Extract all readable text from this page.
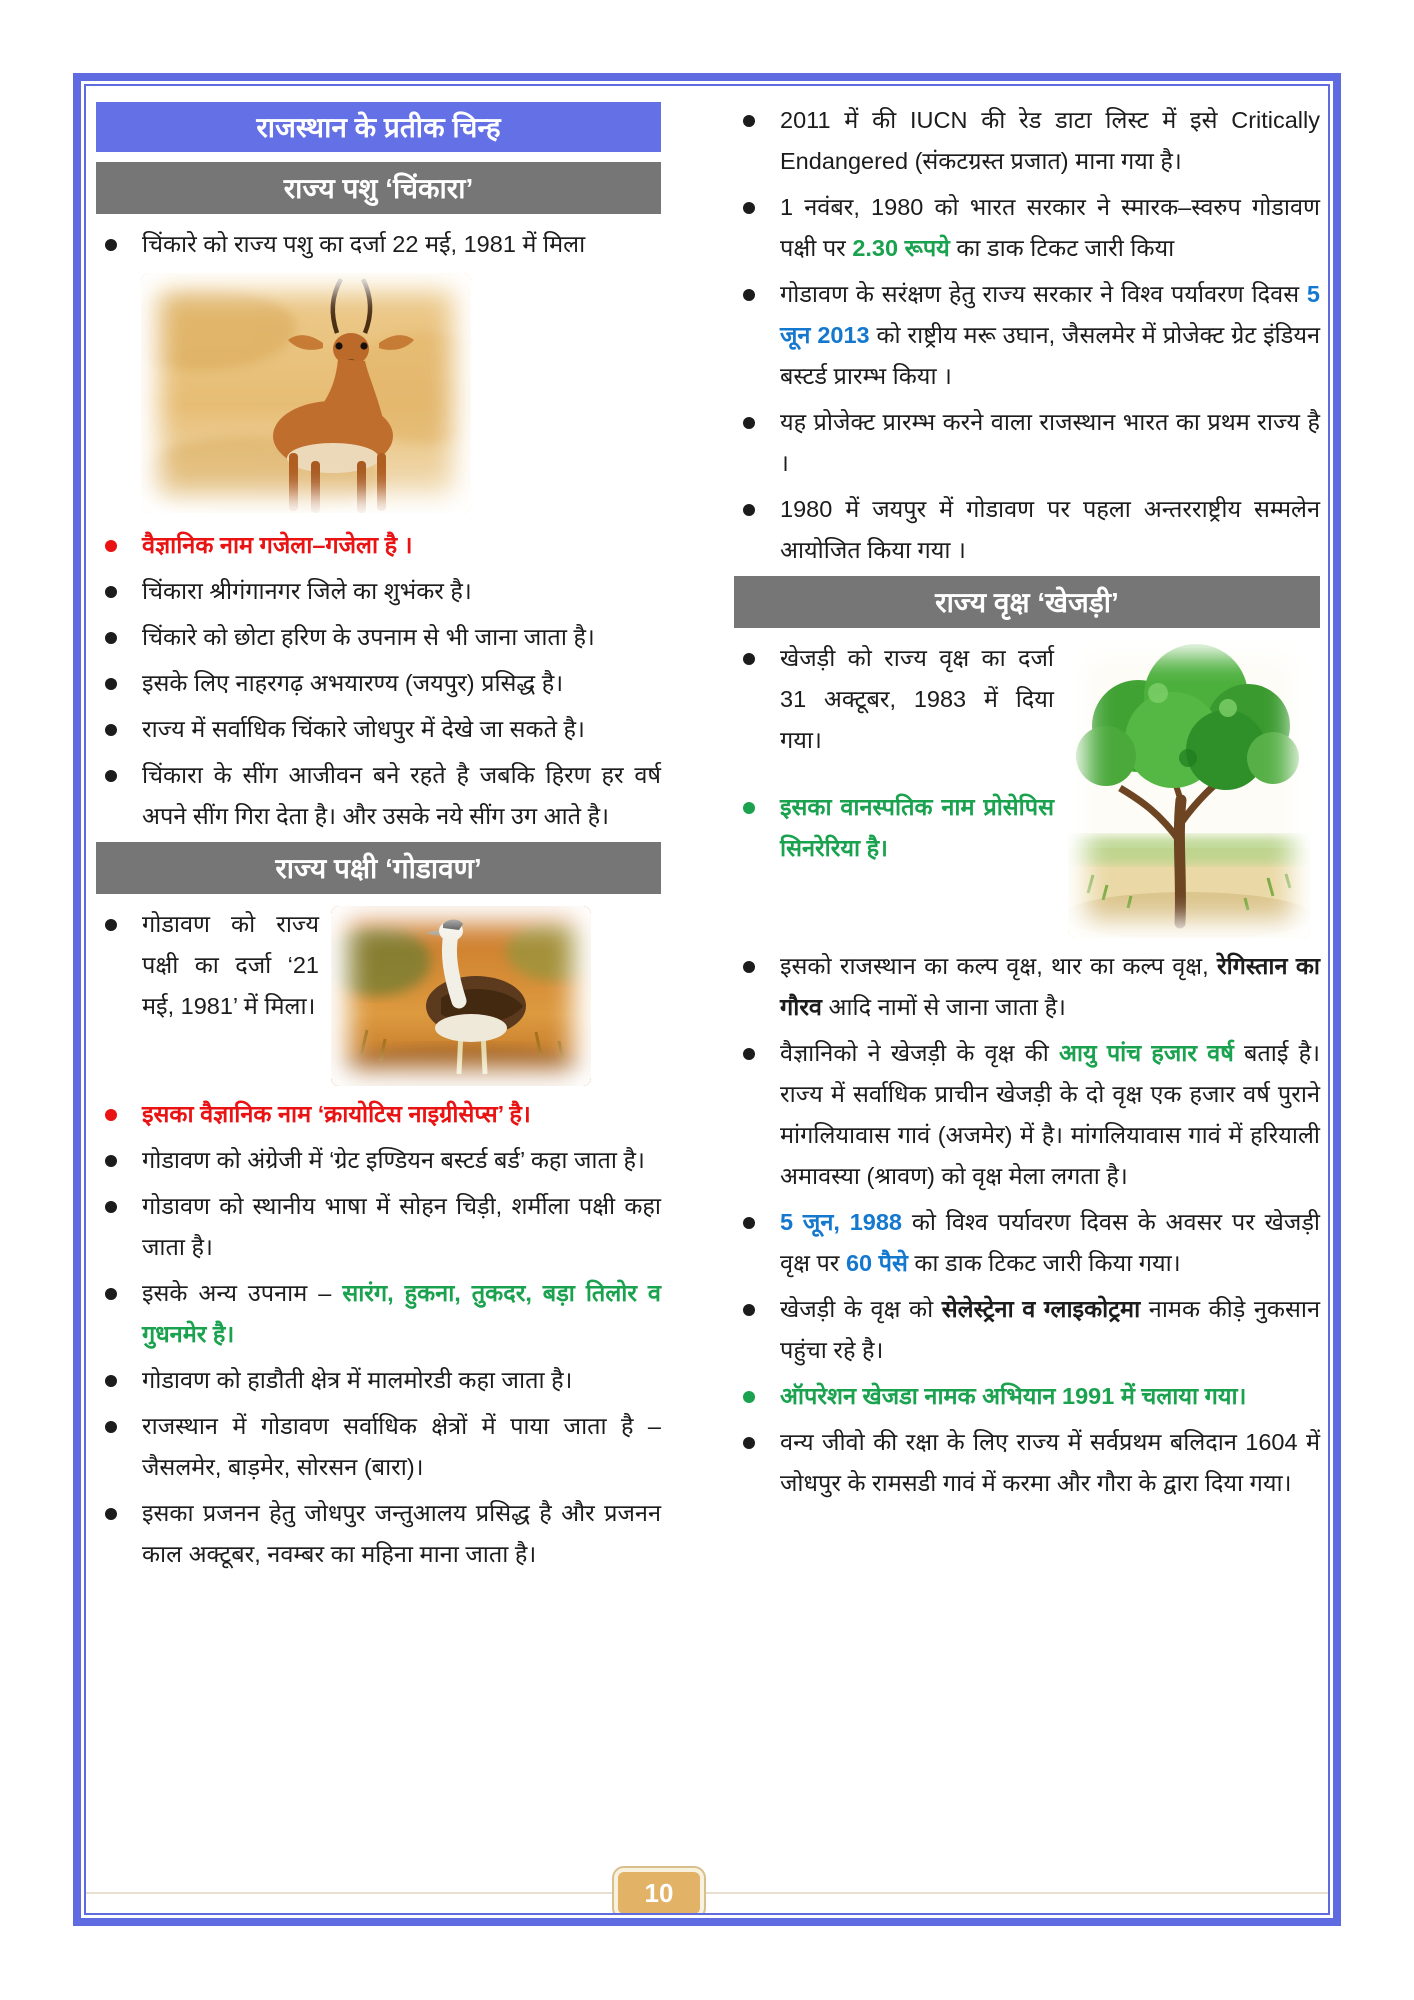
राजस्थान के प्रतीक चिन्ह
राज्य पशु ‘चिंकारा’
चिंकारे को राज्य पशु का दर्जा 22 मई, 1981 में मिला
वैज्ञानिक नाम गजेला–गजेला है ।
चिंकारा श्रीगंगानगर जिले का शुभंकर है।
चिंकारे को छोटा हरिण के उपनाम से भी जाना जाता है।
इसके लिए नाहरगढ़ अभयारण्य (जयपुर) प्रसिद्ध है।
राज्य में सर्वाधिक चिंकारे जोधपुर में देखे जा सकते है।
चिंकारा के सींग आजीवन बने रहते है जबकि हिरण हर वर्ष अपने सींग गिरा देता है। और उसके नये सींग उग आते है।
राज्य पक्षी ‘गोडावण’
गोडावण को राज्य पक्षी का दर्जा ‘21 मई, 1981’ में मिला।
इसका वैज्ञानिक नाम ‘क्रायोटिस नाइग्रीसेप्स’ है।
गोडावण को अंग्रेजी में ‘ग्रेट इण्डियन बस्टर्ड बर्ड’ कहा जाता है।
गोडावण को स्थानीय भाषा में सोहन चिड़ी, शर्मीला पक्षी कहा जाता है।
इसके अन्य उपनाम – सारंग, हुकना, तुकदर, बड़ा तिलोर व गुधनमेर है।
गोडावण को हाडौती क्षेत्र में मालमोरडी कहा जाता है।
राजस्थान में गोडावण सर्वाधिक क्षेत्रों में पाया जाता है – जैसलमेर, बाड़मेर, सोरसन (बारा)।
इसका प्रजनन हेतु जोधपुर जन्तुआलय प्रसिद्ध है और प्रजनन काल अक्टूबर, नवम्बर का महिना माना जाता है।
2011 में की IUCN की रेड डाटा लिस्ट में इसे Critically Endangered (संकटग्रस्त प्रजात) माना गया है।
1 नवंबर, 1980 को भारत सरकार ने स्मारक–स्वरुप गोडावण पक्षी पर 2.30 रूपये का डाक टिकट जारी किया
गोडावण के सरंक्षण हेतु राज्य सरकार ने विश्व पर्यावरण दिवस 5 जून 2013 को राष्ट्रीय मरू उघान, जैसलमेर में प्रोजेक्ट ग्रेट इंडियन बस्टर्ड प्रारम्भ किया ।
यह प्रोजेक्ट प्रारम्भ करने वाला राजस्थान भारत का प्रथम राज्य है ।
1980 में जयपुर में गोडावण पर पहला अन्तरराष्ट्रीय सम्मलेन आयोजित किया गया ।
राज्य वृक्ष ‘खेजड़ी’
खेजड़ी को राज्य वृक्ष का दर्जा 31 अक्टूबर, 1983 में दिया गया।
इसका वानस्पतिक नाम प्रोसेपिस सिनरेरिया है।
इसको राजस्थान का कल्प वृक्ष, थार का कल्प वृक्ष, रेगिस्तान का गौरव आदि नामों से जाना जाता है।
वैज्ञानिको ने खेजड़ी के वृक्ष की आयु पांच हजार वर्ष बताई है। राज्य में सर्वाधिक प्राचीन खेजड़ी के दो वृक्ष एक हजार वर्ष पुराने मांगलियावास गावं (अजमेर) में है। मांगलियावास गावं में हरियाली अमावस्या (श्रावण) को वृक्ष मेला लगता है।
5 जून, 1988 को विश्व पर्यावरण दिवस के अवसर पर खेजड़ी वृक्ष पर 60 पैसे का डाक टिकट जारी किया गया।
खेजड़ी के वृक्ष को सेलेस्ट्रेना व ग्लाइकोट्रमा नामक कीड़े नुकसान पहुंचा रहे है।
ऑपरेशन खेजडा नामक अभियान 1991 में चलाया गया।
वन्य जीवो की रक्षा के लिए राज्य में सर्वप्रथम बलिदान 1604 में जोधपुर के रामसडी गावं में करमा और गौरा के द्वारा दिया गया।
10
